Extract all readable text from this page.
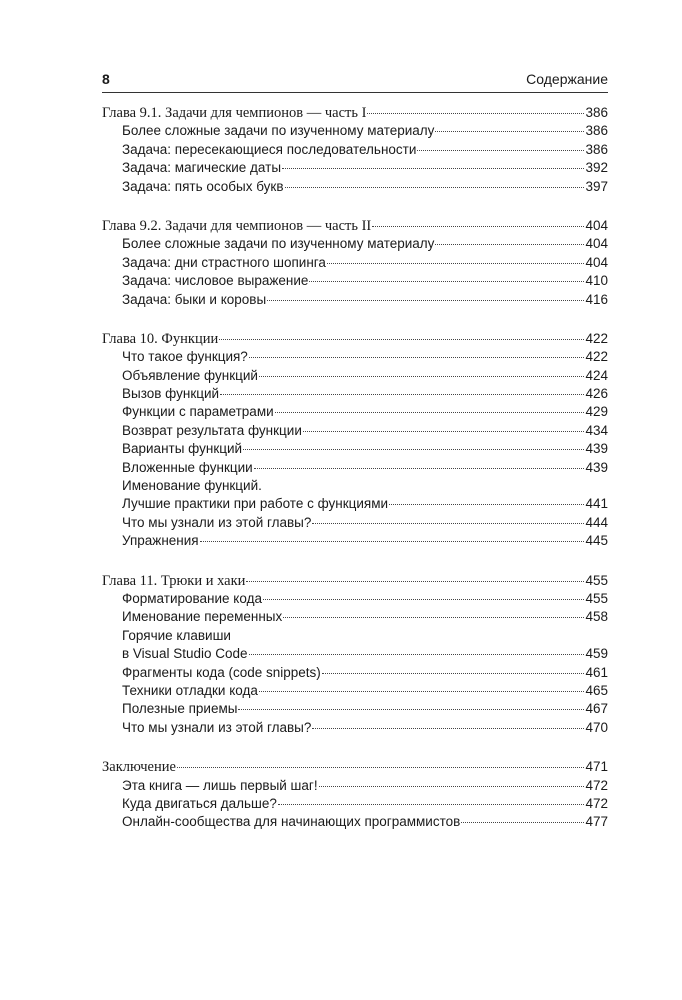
8	Содержание
Глава 9.1. Задачи для чемпионов — часть I	386
Более сложные задачи по изученному материалу	386
Задача: пересекающиеся последовательности	386
Задача: магические даты	392
Задача: пять особых букв	397
Глава 9.2. Задачи для чемпионов — часть II	404
Более сложные задачи по изученному материалу	404
Задача: дни страстного шопинга	404
Задача: числовое выражение	410
Задача: быки и коровы	416
Глава 10. Функции	422
Что такое функция?	422
Объявление функций	424
Вызов функций	426
Функции с параметрами	429
Возврат результата функции	434
Варианты функций	439
Вложенные функции	439
Именование функций.
Лучшие практики при работе с функциями	441
Что мы узнали из этой главы?	444
Упражнения	445
Глава 11. Трюки и хаки	455
Форматирование кода	455
Именование переменных	458
Горячие клавиши
в Visual Studio Code	459
Фрагменты кода (code snippets)	461
Техники отладки кода	465
Полезные приемы	467
Что мы узнали из этой главы?	470
Заключение	471
Эта книга — лишь первый шаг!	472
Куда двигаться дальше?	472
Онлайн-сообщества для начинающих программистов	477
